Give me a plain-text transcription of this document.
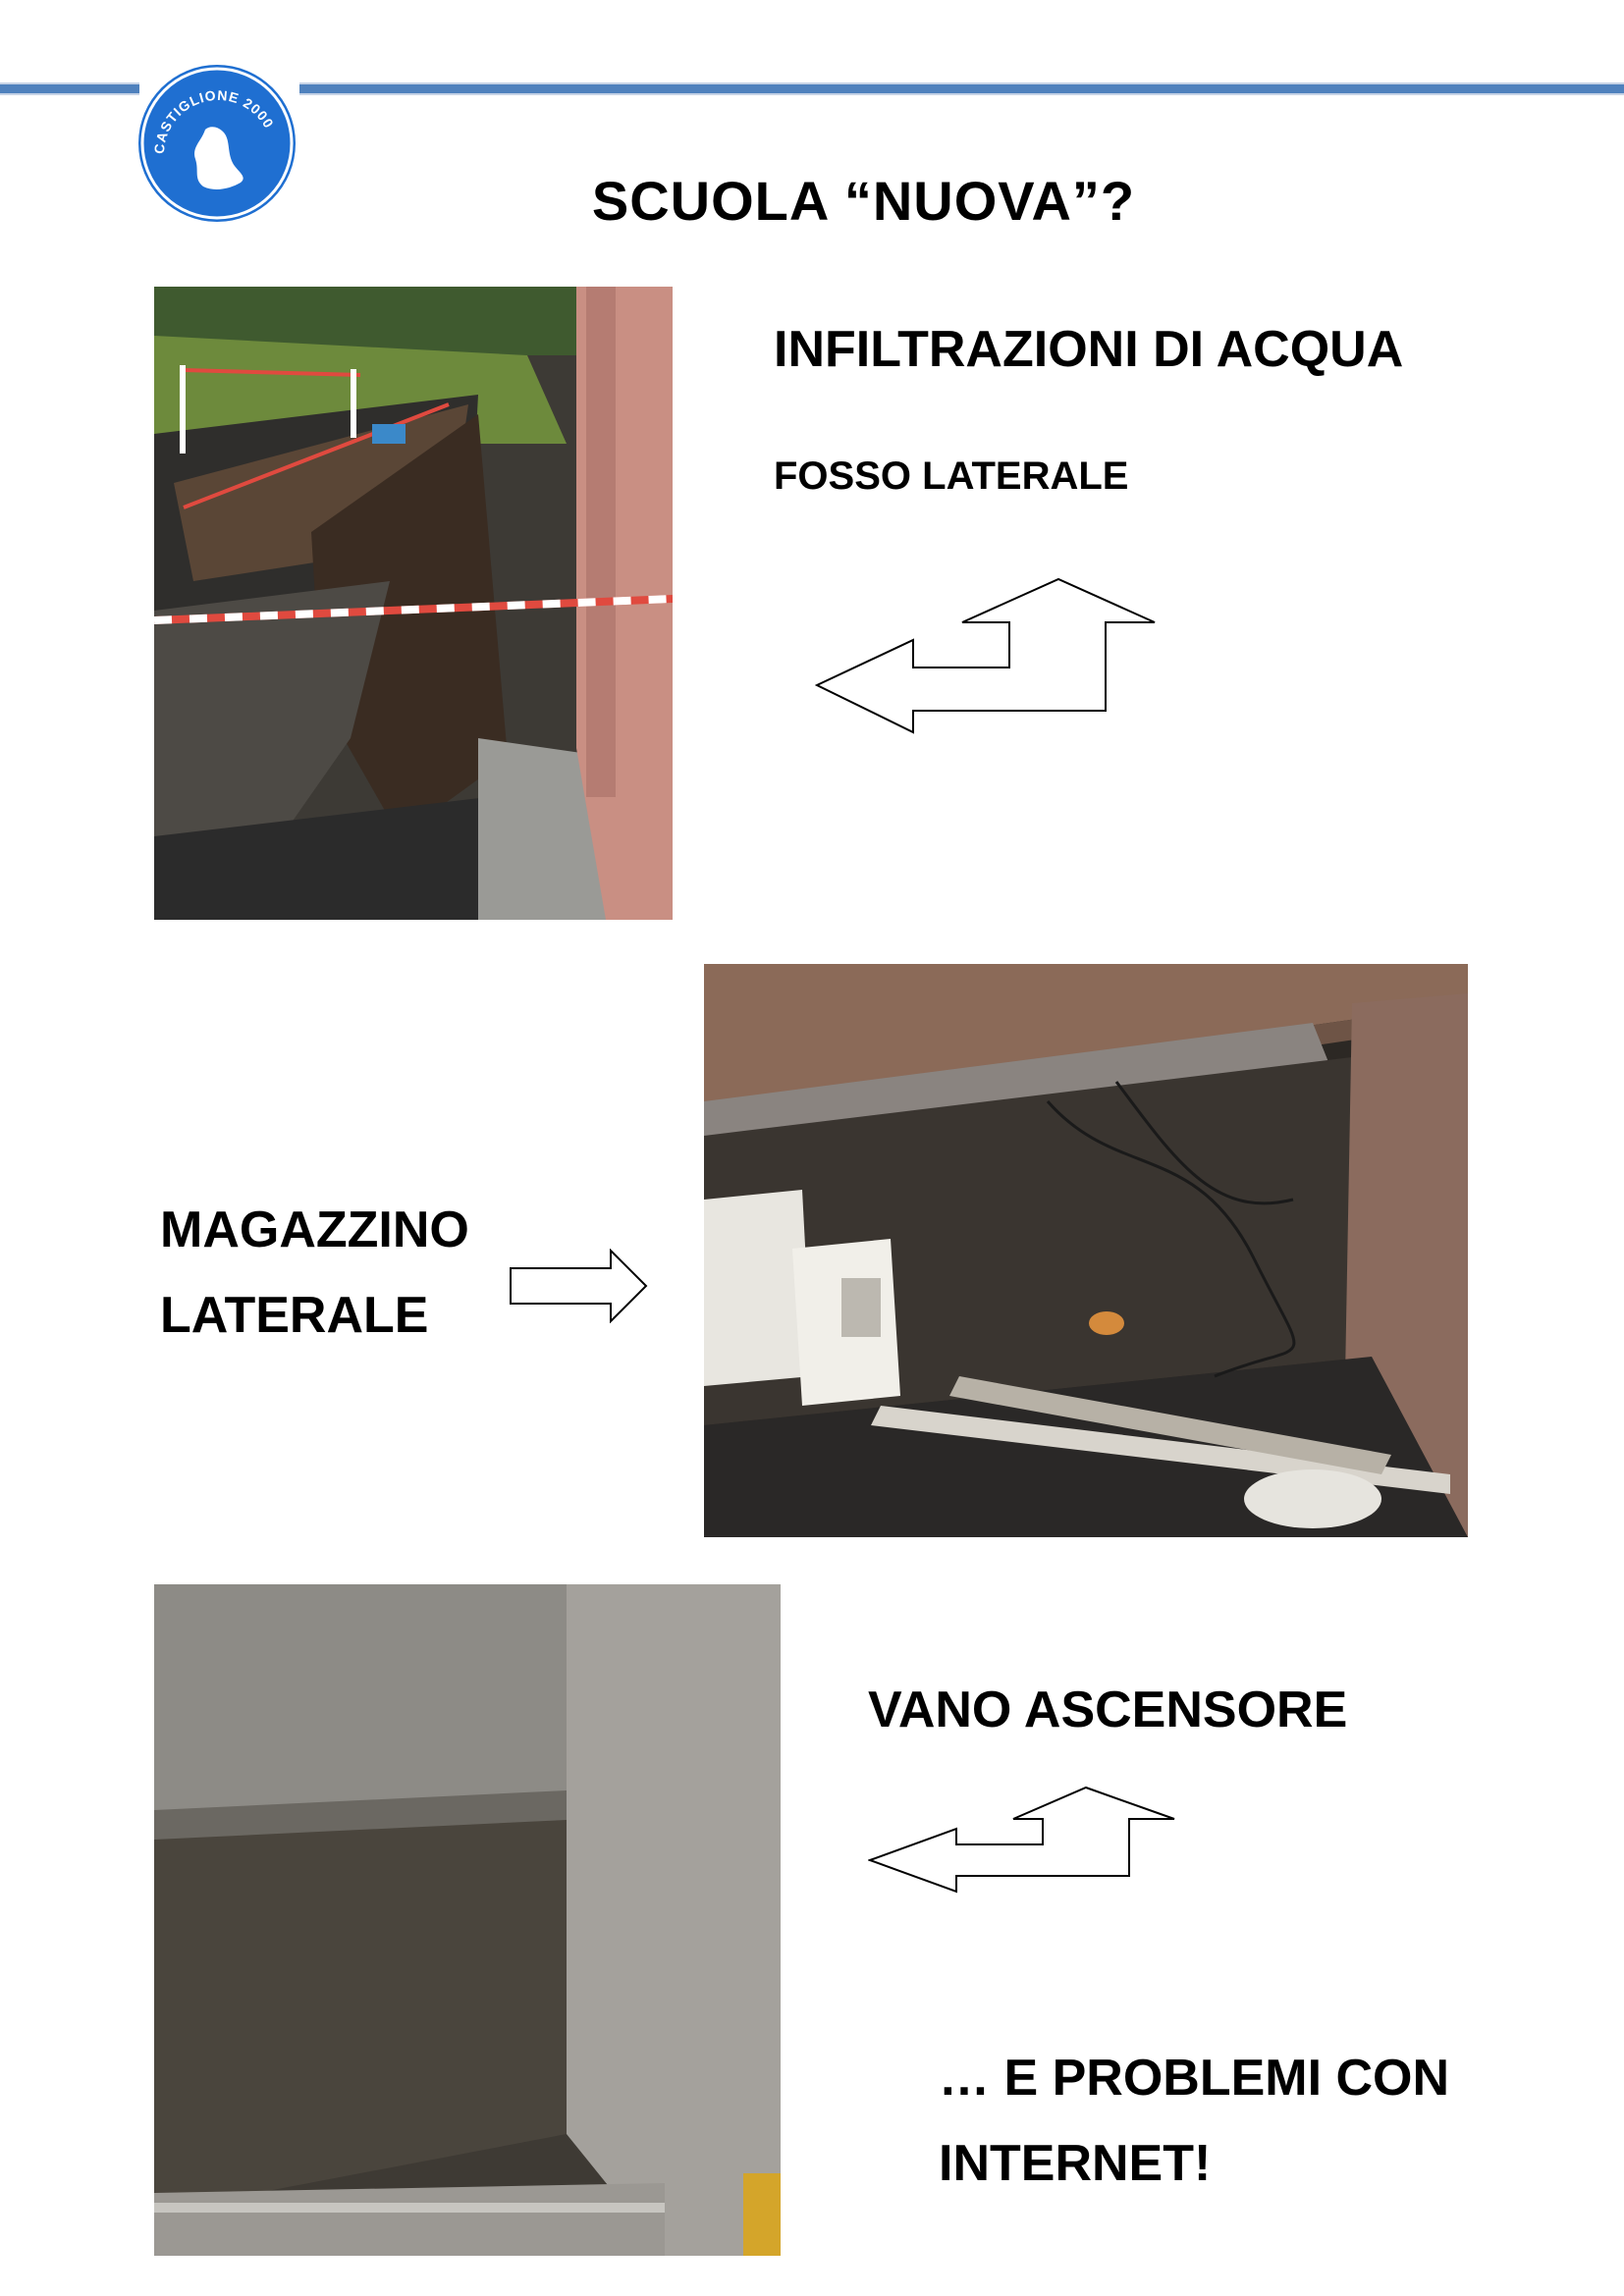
CASTIGLIONE 2000
SCUOLA “NUOVA”?
INFILTRAZIONI DI ACQUA
FOSSO LATERALE
MAGAZZINO
LATERALE
VANO ASCENSORE
… E PROBLEMI CON
INTERNET!
